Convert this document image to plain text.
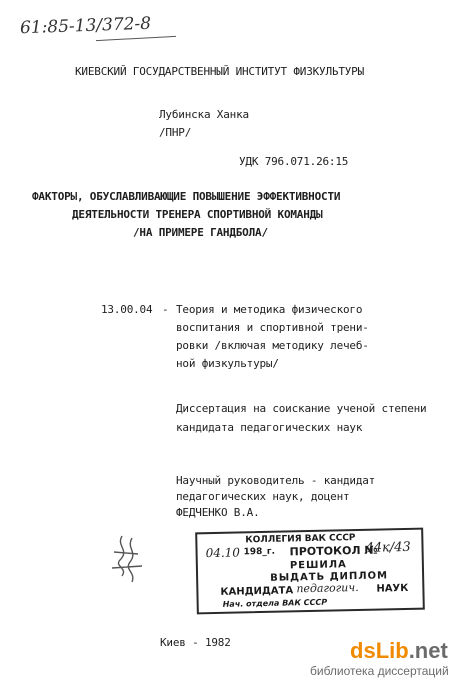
61:85-13/372-8
КИЕВСКИЙ ГОСУДАРСТВЕННЫЙ ИНСТИТУТ ФИЗКУЛЬТУРЫ
Лубинска Ханка
/ПНР/
УДК 796.071.26:15
ФАКТОРЫ, ОБУСЛАВЛИВАЮЩИЕ ПОВЫШЕНИЕ ЭФФЕКТИВНОСТИ
ДЕЯТЕЛЬНОСТИ ТРЕНЕРА СПОРТИВНОЙ КОМАНДЫ
/НА ПРИМЕРЕ ГАНДБОЛА/
13.00.04 - Теория и методика физического
воспитания и спортивной трени-
ровки /включая методику лечеб-
ной физкультуры/
Диссертация на соискание ученой степени
кандидата педагогических наук
Научный руководитель - кандидат
педагогических наук, доцент
ФЕДЧЕНКО В.А.
КОЛЛЕГИЯ ВАК СССР
04.10 198_г. ПРОТОКОЛ №
44к/43
РЕШИЛА
ВЫДАТЬ ДИПЛОМ
КАНДИДАТА педагогич. НАУК
Нач. отдела ВАК СССР
Киев - 1982	dsLib.net
библиотека диссертаций
